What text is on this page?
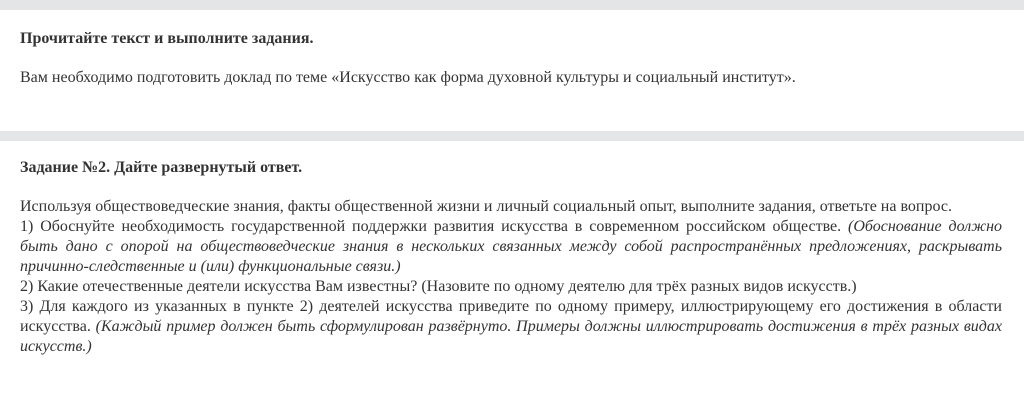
Прочитайте текст и выполните задания.

Вам необходимо подготовить доклад по теме «Искусство как форма духовной культуры и социальный институт».

Задание №2. Дайте развернутый ответ.

Используя обществоведческие знания, факты общественной жизни и личный социальный опыт, выполните задания, ответьте на вопрос.

1) Обоснуйте необходимость государственной поддержки развития искусства в современном российском обществе. (Обоснование должно быть дано с опорой на обществоведческие знания в нескольких связанных между собой распространённых предложениях, раскрывать причинно-следственные и (или) функциональные связи.)

2) Какие отечественные деятели искусства Вам известны? (Назовите по одному деятелю для трёх разных видов искусств.)

3) Для каждого из указанных в пункте 2) деятелей искусства приведите по одному примеру, иллюстрирующему его достижения в области искусства. (Каждый пример должен быть сформулирован развёрнуто. Примеры должны иллюстрировать достижения в трёх разных видах искусств.)
